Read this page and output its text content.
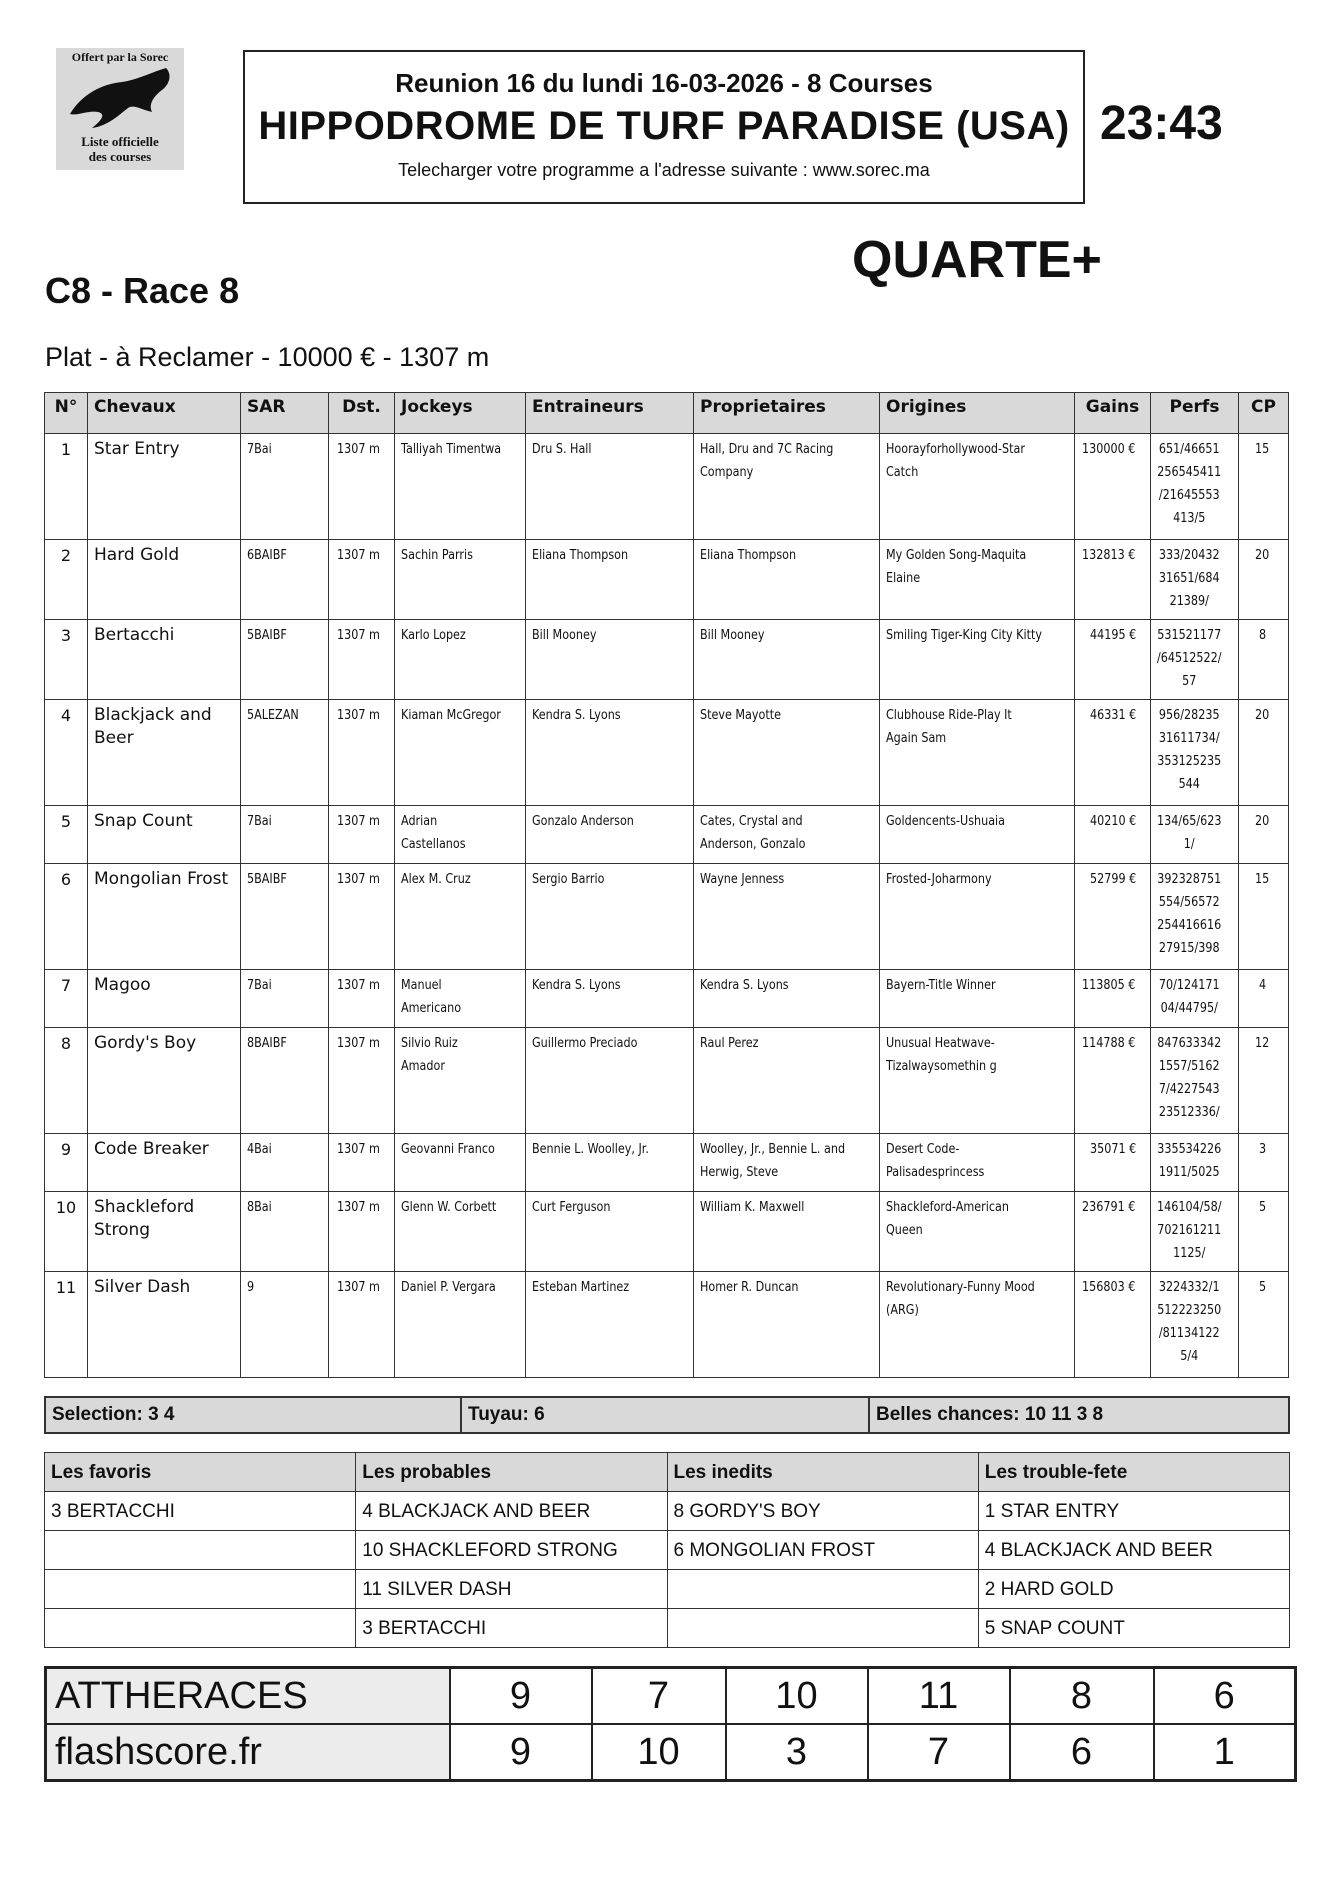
Offert par la Sorec
Liste officielle
des courses
Reunion 16 du lundi 16-03-2026 - 8 Courses
HIPPODROME DE TURF PARADISE (USA)
Telecharger votre programme a l'adresse suivante : www.sorec.ma
23:43
QUARTE+
C8 - Race 8
Plat - à Reclamer - 10000 € - 1307 m
N°	Chevaux	SAR	Dst.	Jockeys	Entraineurs	Proprietaires	Origines	Gains	Perfs	CP
1	Star Entry	7Bai	1307 m	Talliyah Timentwa	Dru S. Hall	Hall, Dru and 7C Racing Company	Hoorayforhollywood-Star Catch	130000 €	651/46651 256545411 /21645553 413/5	15
2	Hard Gold	6BAIBF	1307 m	Sachin Parris	Eliana Thompson	Eliana Thompson	My Golden Song-Maquita Elaine	132813 €	333/20432 31651/684 21389/	20
3	Bertacchi	5BAIBF	1307 m	Karlo Lopez	Bill Mooney	Bill Mooney	Smiling Tiger-King City Kitty	44195 €	531521177 /64512522/ 57	8
4	Blackjack and Beer	5ALEZAN	1307 m	Kiaman McGregor	Kendra S. Lyons	Steve Mayotte	Clubhouse Ride-Play It Again Sam	46331 €	956/28235 31611734/ 353125235 544	20
5	Snap Count	7Bai	1307 m	Adrian Castellanos	Gonzalo Anderson	Cates, Crystal and Anderson, Gonzalo	Goldencents-Ushuaia	40210 €	134/65/623 1/	20
6	Mongolian Frost	5BAIBF	1307 m	Alex M. Cruz	Sergio Barrio	Wayne Jenness	Frosted-Joharmony	52799 €	392328751 554/56572 254416616 27915/398	15
7	Magoo	7Bai	1307 m	Manuel Americano	Kendra S. Lyons	Kendra S. Lyons	Bayern-Title Winner	113805 €	70/124171 04/44795/	4
8	Gordy's Boy	8BAIBF	1307 m	Silvio Ruiz Amador	Guillermo Preciado	Raul Perez	Unusual Heatwave-Tizalwaysomethin g	114788 €	847633342 1557/5162 7/4227543 23512336/	12
9	Code Breaker	4Bai	1307 m	Geovanni Franco	Bennie L. Woolley, Jr.	Woolley, Jr., Bennie L. and Herwig, Steve	Desert Code-Palisadesprincess	35071 €	335534226 1911/5025	3
10	Shackleford Strong	8Bai	1307 m	Glenn W. Corbett	Curt Ferguson	William K. Maxwell	Shackleford-American Queen	236791 €	146104/58/ 702161211 1125/	5
11	Silver Dash	9	1307 m	Daniel P. Vergara	Esteban Martinez	Homer R. Duncan	Revolutionary-Funny Mood (ARG)	156803 €	3224332/1 512223250 /81134122 5/4	5
Selection: 3 4	Tuyau: 6	Belles chances: 10 11 3 8
Les favoris	Les probables	Les inedits	Les trouble-fete
3 BERTACCHI	4 BLACKJACK AND BEER	8 GORDY'S BOY	1 STAR ENTRY
	10 SHACKLEFORD STRONG	6 MONGOLIAN FROST	4 BLACKJACK AND BEER
	11 SILVER DASH		2 HARD GOLD
	3 BERTACCHI		5 SNAP COUNT
ATTHERACES	9	7	10	11	8	6
flashscore.fr	9	10	3	7	6	1
